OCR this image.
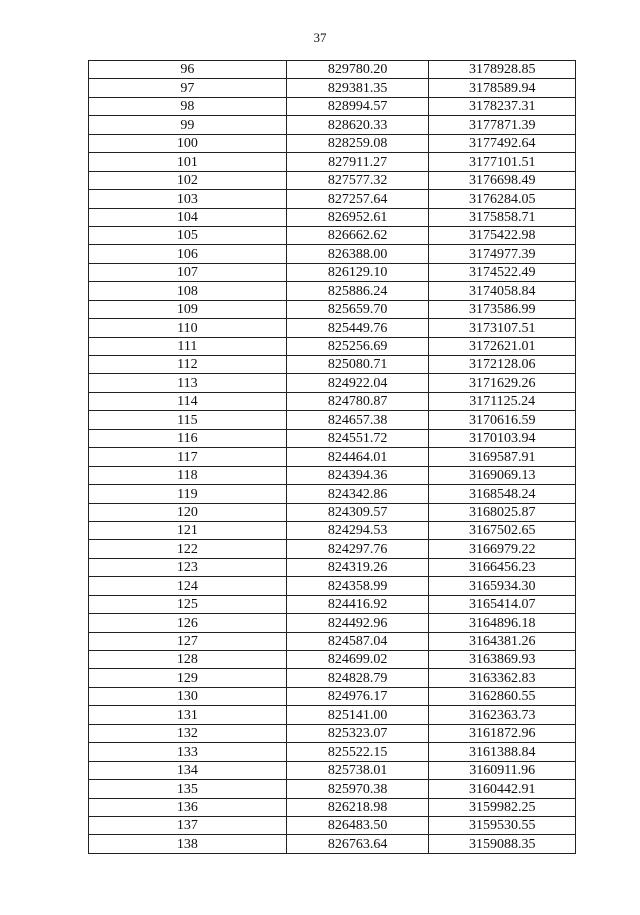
37
96	829780.20	3178928.85
97	829381.35	3178589.94
98	828994.57	3178237.31
99	828620.33	3177871.39
100	828259.08	3177492.64
101	827911.27	3177101.51
102	827577.32	3176698.49
103	827257.64	3176284.05
104	826952.61	3175858.71
105	826662.62	3175422.98
106	826388.00	3174977.39
107	826129.10	3174522.49
108	825886.24	3174058.84
109	825659.70	3173586.99
110	825449.76	3173107.51
111	825256.69	3172621.01
112	825080.71	3172128.06
113	824922.04	3171629.26
114	824780.87	3171125.24
115	824657.38	3170616.59
116	824551.72	3170103.94
117	824464.01	3169587.91
118	824394.36	3169069.13
119	824342.86	3168548.24
120	824309.57	3168025.87
121	824294.53	3167502.65
122	824297.76	3166979.22
123	824319.26	3166456.23
124	824358.99	3165934.30
125	824416.92	3165414.07
126	824492.96	3164896.18
127	824587.04	3164381.26
128	824699.02	3163869.93
129	824828.79	3163362.83
130	824976.17	3162860.55
131	825141.00	3162363.73
132	825323.07	3161872.96
133	825522.15	3161388.84
134	825738.01	3160911.96
135	825970.38	3160442.91
136	826218.98	3159982.25
137	826483.50	3159530.55
138	826763.64	3159088.35
